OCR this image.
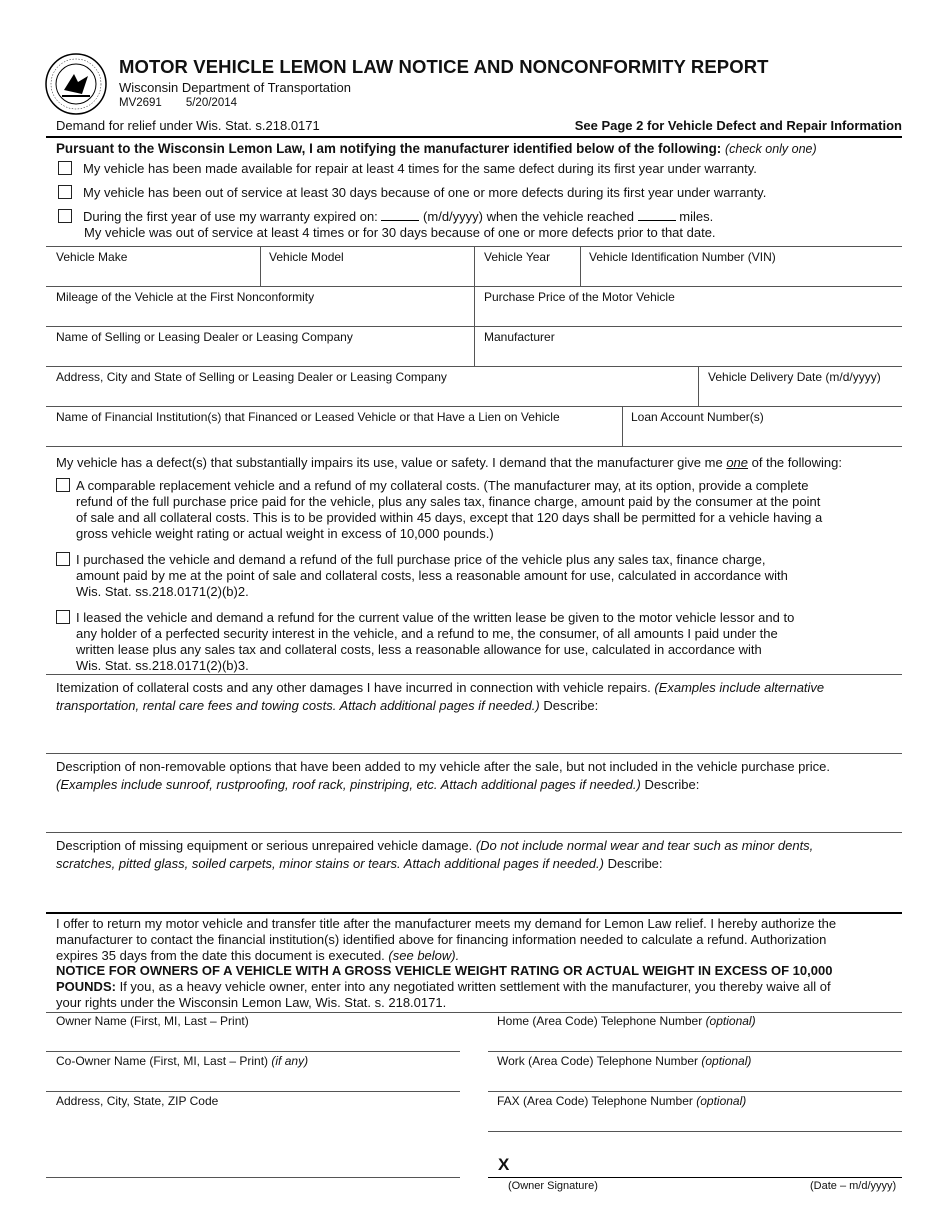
MOTOR VEHICLE LEMON LAW NOTICE AND NONCONFORMITY REPORT
Wisconsin Department of Transportation
MV2691 5/20/2014
Demand for relief under Wis. Stat. s.218.0171	See Page 2 for Vehicle Defect and Repair Information
Pursuant to the Wisconsin Lemon Law, I am notifying the manufacturer identified below of the following: (check only one)
My vehicle has been made available for repair at least 4 times for the same defect during its first year under warranty.
My vehicle has been out of service at least 30 days because of one or more defects during its first year under warranty.
During the first year of use my warranty expired on:	(m/d/yyyy) when the vehicle reached	miles.
My vehicle was out of service at least 4 times or for 30 days because of one or more defects prior to that date.
Vehicle Make	Vehicle Model	Vehicle Year	Vehicle Identification Number (VIN)
Mileage of the Vehicle at the First Nonconformity	Purchase Price of the Motor Vehicle
Name of Selling or Leasing Dealer or Leasing Company	Manufacturer
Address, City and State of Selling or Leasing Dealer or Leasing Company	Vehicle Delivery Date (m/d/yyyy)
Name of Financial Institution(s) that Financed or Leased Vehicle or that Have a Lien on Vehicle	Loan Account Number(s)
My vehicle has a defect(s) that substantially impairs its use, value or safety. I demand that the manufacturer give me one of the following:
A comparable replacement vehicle and a refund of my collateral costs. (The manufacturer may, at its option, provide a complete
refund of the full purchase price paid for the vehicle, plus any sales tax, finance charge, amount paid by the consumer at the point
of sale and all collateral costs. This is to be provided within 45 days, except that 120 days shall be permitted for a vehicle having a
gross vehicle weight rating or actual weight in excess of 10,000 pounds.)
I purchased the vehicle and demand a refund of the full purchase price of the vehicle plus any sales tax, finance charge,
amount paid by me at the point of sale and collateral costs, less a reasonable amount for use, calculated in accordance with
Wis. Stat. ss.218.0171(2)(b)2.
I leased the vehicle and demand a refund for the current value of the written lease be given to the motor vehicle lessor and to
any holder of a perfected security interest in the vehicle, and a refund to me, the consumer, of all amounts I paid under the
written lease plus any sales tax and collateral costs, less a reasonable allowance for use, calculated in accordance with
Wis. Stat. ss.218.0171(2)(b)3.
Itemization of collateral costs and any other damages I have incurred in connection with vehicle repairs. (Examples include alternative
transportation, rental care fees and towing costs. Attach additional pages if needed.) Describe:
Description of non-removable options that have been added to my vehicle after the sale, but not included in the vehicle purchase price.
(Examples include sunroof, rustproofing, roof rack, pinstriping, etc. Attach additional pages if needed.) Describe:
Description of missing equipment or serious unrepaired vehicle damage. (Do not include normal wear and tear such as minor dents,
scratches, pitted glass, soiled carpets, minor stains or tears. Attach additional pages if needed.) Describe:
I offer to return my motor vehicle and transfer title after the manufacturer meets my demand for Lemon Law relief. I hereby authorize the
manufacturer to contact the financial institution(s) identified above for financing information needed to calculate a refund. Authorization
expires 35 days from the date this document is executed. (see below).
NOTICE FOR OWNERS OF A VEHICLE WITH A GROSS VEHICLE WEIGHT RATING OR ACTUAL WEIGHT IN EXCESS OF 10,000
POUNDS: If you, as a heavy vehicle owner, enter into any negotiated written settlement with the manufacturer, you thereby waive all of
your rights under the Wisconsin Lemon Law, Wis. Stat. s. 218.0171.
Owner Name (First, MI, Last – Print)
Co-Owner Name (First, MI, Last – Print) (if any)
Address, City, State, ZIP Code
Home (Area Code) Telephone Number (optional)
Work (Area Code) Telephone Number (optional)
FAX (Area Code) Telephone Number (optional)
X
(Owner Signature)	(Date – m/d/yyyy)
